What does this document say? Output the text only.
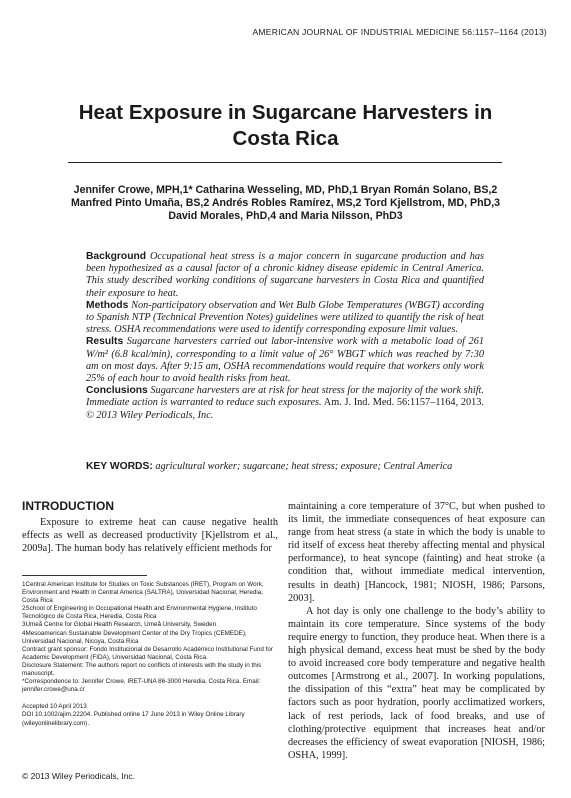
AMERICAN JOURNAL OF INDUSTRIAL MEDICINE 56:1157–1164 (2013)
Heat Exposure in Sugarcane Harvesters in
Costa Rica
Jennifer Crowe, MPH,1* Catharina Wesseling, MD, PhD,1 Bryan Román Solano, BS,2
Manfred Pinto Umaña, BS,2 Andrés Robles Ramírez, MS,2 Tord Kjellstrom, MD, PhD,3
David Morales, PhD,4 and Maria Nilsson, PhD3

Background Occupational heat stress is a major concern in sugarcane production and has been hypothesized as a causal factor of a chronic kidney disease epidemic in Central America. This study described working conditions of sugarcane harvesters in Costa Rica and quantified their exposure to heat.

Methods Non-participatory observation and Wet Bulb Globe Temperatures (WBGT) according to Spanish NTP (Technical Prevention Notes) guidelines were utilized to quantify the risk of heat stress. OSHA recommendations were used to identify corresponding exposure limit values.

Results Sugarcane harvesters carried out labor-intensive work with a metabolic load of 261 W/m² (6.8 kcal/min), corresponding to a limit value of 26° WBGT which was reached by 7:30 am on most days. After 9:15 am, OSHA recommendations would require that workers only work 25% of each hour to avoid health risks from heat.

Conclusions Sugarcane harvesters are at risk for heat stress for the majority of the work shift. Immediate action is warranted to reduce such exposures. Am. J. Ind. Med. 56:1157–1164, 2013. © 2013 Wiley Periodicals, Inc.

KEY WORDS: agricultural worker; sugarcane; heat stress; exposure; Central America
INTRODUCTION

Exposure to extreme heat can cause negative health effects as well as decreased productivity [Kjellstrom et al., 2009a]. The human body has relatively efficient methods for

1Central American Institute for Studies on Toxic Substances (IRET), Program on Work, Environment and Health in Central America (SALTRA), Universidad Nacional, Heredia, Costa Rica

2School of Engineering in Occupational Health and Environmental Hygiene, Instituto Tecnológico de Costa Rica, Heredia, Costa Rica

3Umeå Centre for Global Health Research, Umeå University, Sweden

4Mesoamerican Sustainable Development Center of the Dry Tropics (CEMEDE), Universidad Nacional, Nicoya, Costa Rica

Contract grant sponsor: Fondo Institucional de Desarrollo Académico Institutional Fund for Academic Development (FIDA), Universidad Nacional, Costa Rica.

Disclosure Statement: The authors report no conflicts of interests with the study in this manuscript.

*Correspondence to: Jennifer Crowe, IRET-UNA 86-3000 Heredia, Costa Rica. Email: jennifer.crowe@una.cr

Accepted 10 April 2013

DOI 10.1002/ajim.22204. Published online 17 June 2013 in Wiley Online Library (wileyonlinelibrary.com).

maintaining a core temperature of 37°C, but when pushed to its limit, the immediate consequences of heat exposure can range from heat stress (a state in which the body is unable to rid itself of excess heat thereby affecting mental and physical performance), to heat syncope (fainting) and heat stroke (a condition that, without immediate medical intervention, results in death) [Hancock, 1981; NIOSH, 1986; Parsons, 2003].

A hot day is only one challenge to the body’s ability to maintain its core temperature. Since systems of the body require energy to function, they produce heat. When there is a high physical demand, excess heat must be shed by the body to avoid increased core body temperature and negative health outcomes [Armstrong et al., 2007]. In working populations, the dissipation of this “extra” heat may be complicated by factors such as poor hydration, poorly acclimatized workers, lack of rest periods, lack of food breaks, and use of clothing/protective equipment that increases heat and/or decreases the efficiency of sweat evaporation [NIOSH, 1986; OSHA, 1999].

© 2013 Wiley Periodicals, Inc.
